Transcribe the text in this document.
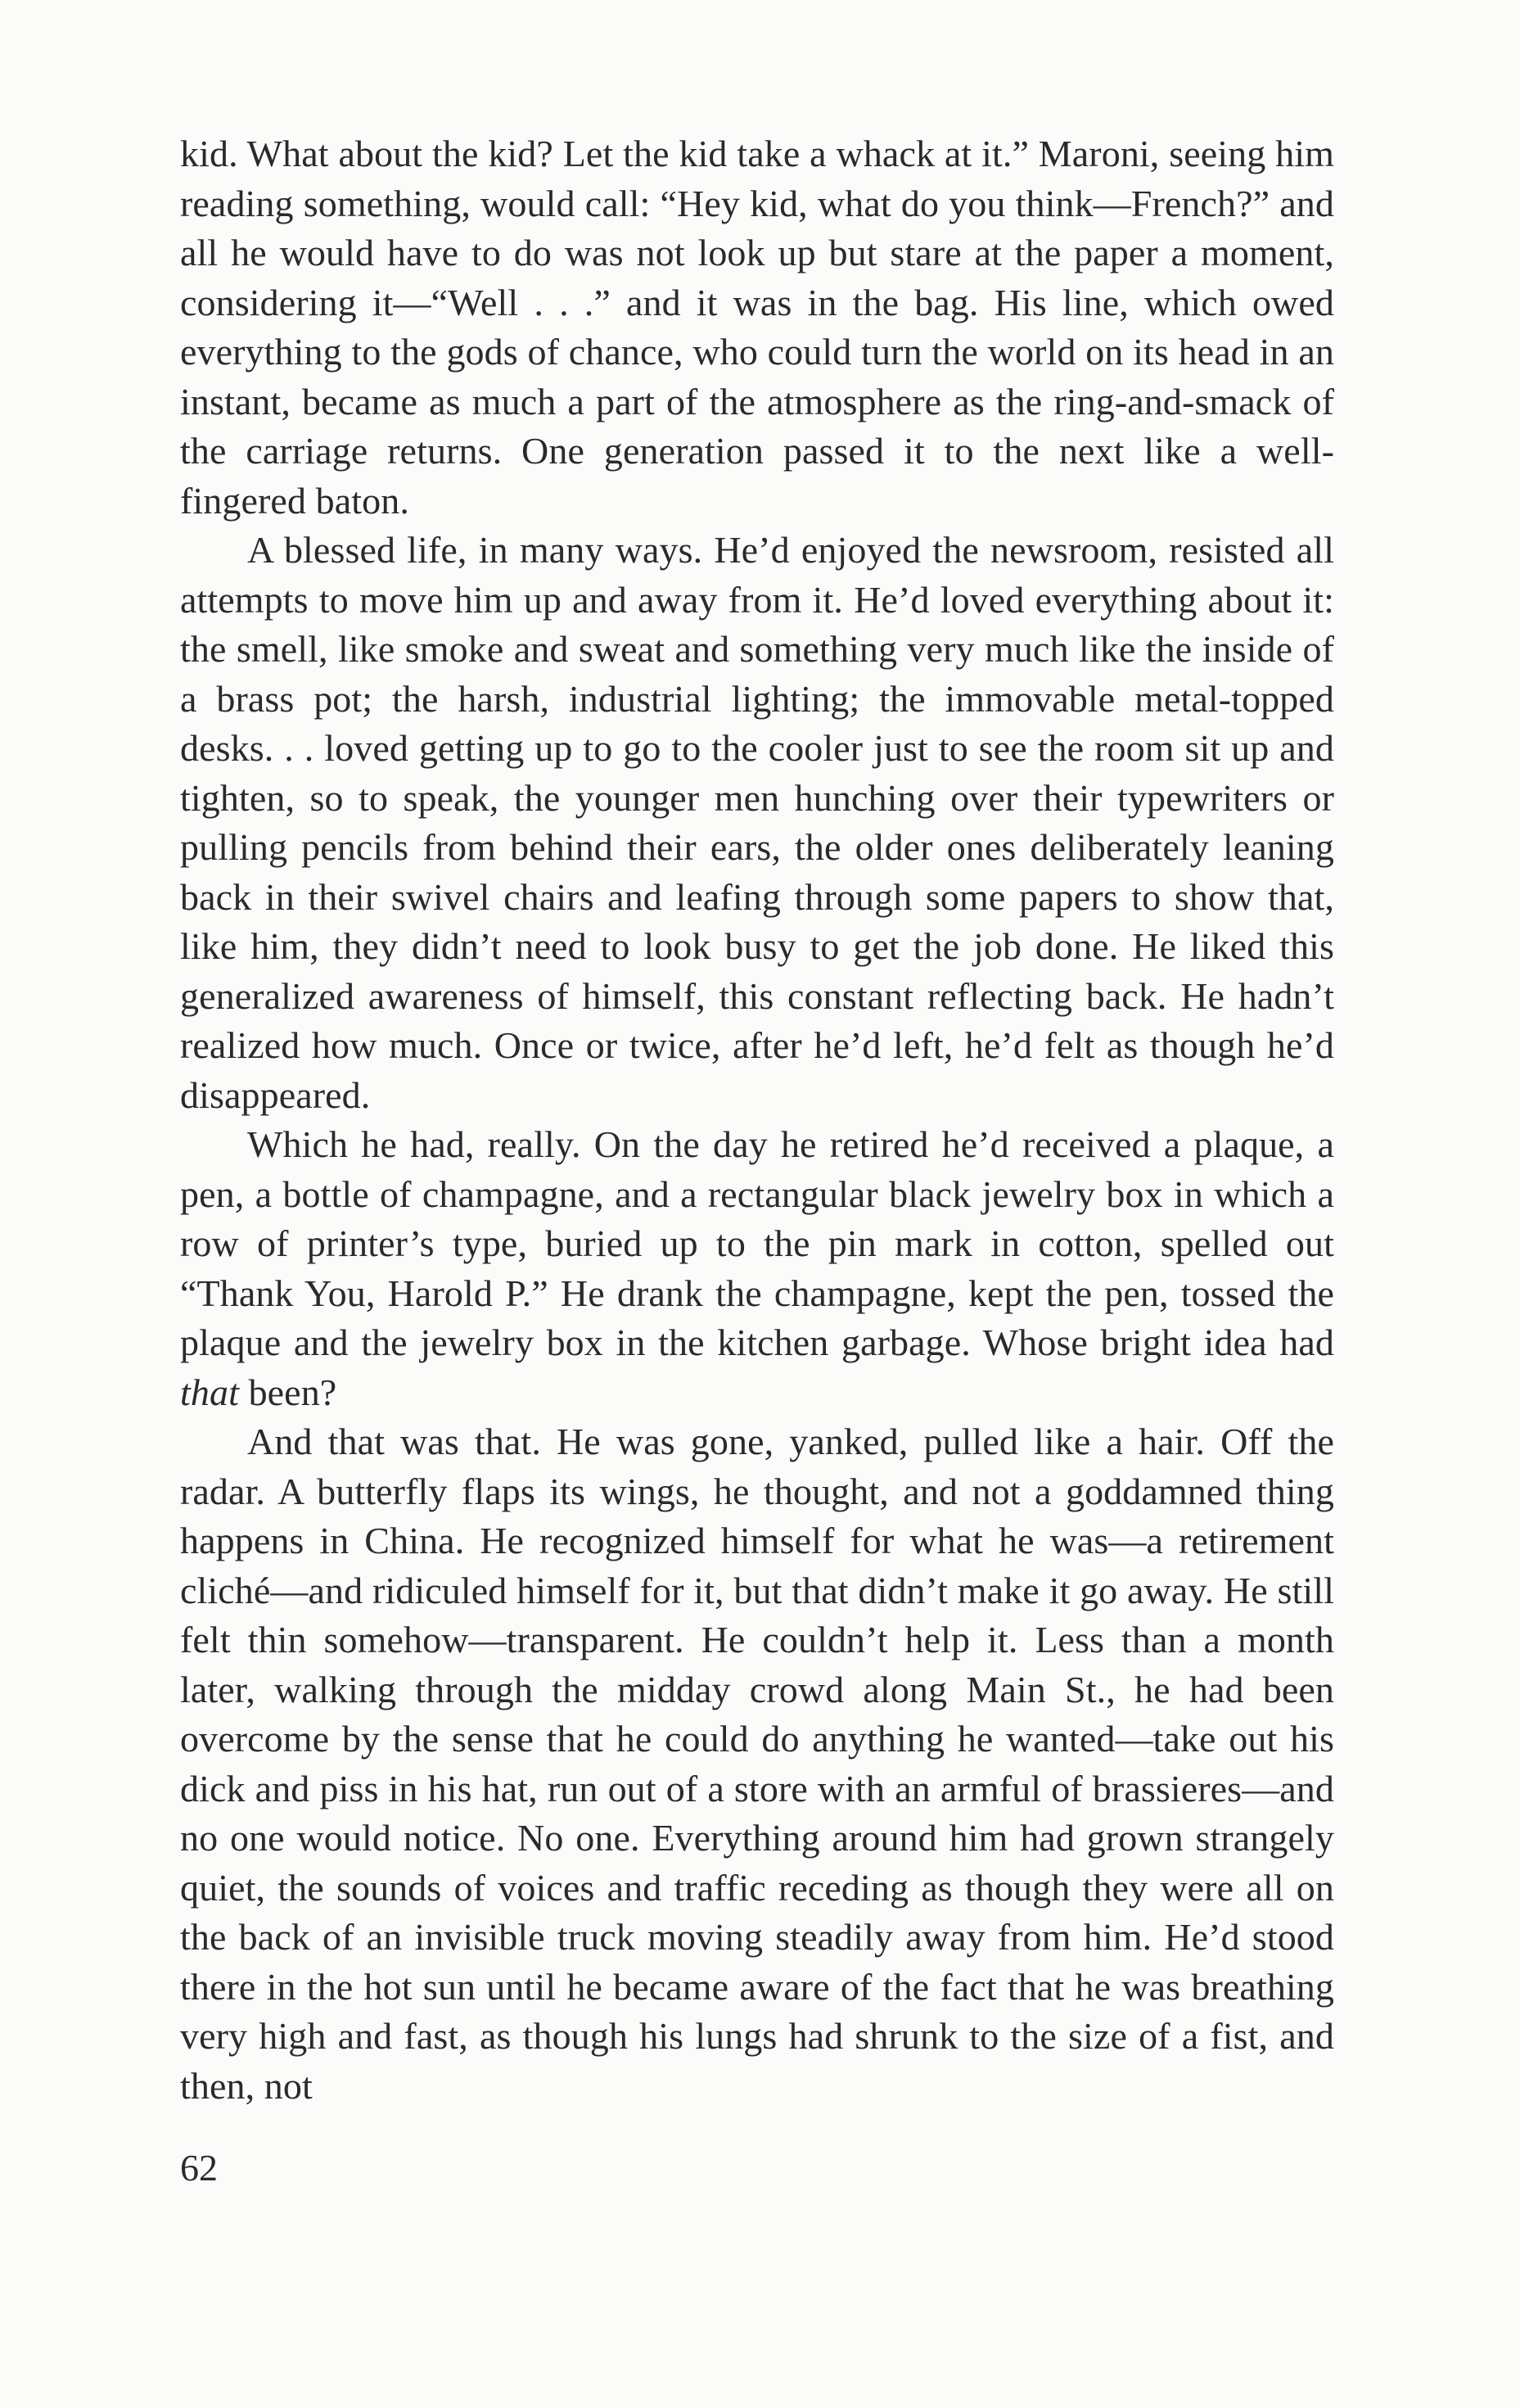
kid. What about the kid? Let the kid take a whack at it.” Maroni, seeing him reading something, would call: “Hey kid, what do you think—French?” and all he would have to do was not look up but stare at the paper a moment, considering it—“Well . . .” and it was in the bag. His line, which owed everything to the gods of chance, who could turn the world on its head in an instant, became as much a part of the atmosphere as the ring-and-smack of the carriage returns. One generation passed it to the next like a well-fingered baton.

A blessed life, in many ways. He’d enjoyed the newsroom, resisted all attempts to move him up and away from it. He’d loved everything about it: the smell, like smoke and sweat and something very much like the inside of a brass pot; the harsh, industrial lighting; the immovable metal-topped desks. . . loved getting up to go to the cooler just to see the room sit up and tighten, so to speak, the younger men hunching over their typewriters or pulling pencils from behind their ears, the older ones deliberately leaning back in their swivel chairs and leafing through some papers to show that, like him, they didn’t need to look busy to get the job done. He liked this generalized awareness of himself, this constant reflecting back. He hadn’t realized how much. Once or twice, after he’d left, he’d felt as though he’d disappeared.

Which he had, really. On the day he retired he’d received a plaque, a pen, a bottle of champagne, and a rectangular black jewelry box in which a row of printer’s type, buried up to the pin mark in cotton, spelled out “Thank You, Harold P.” He drank the champagne, kept the pen, tossed the plaque and the jewelry box in the kitchen garbage. Whose bright idea had that been?

And that was that. He was gone, yanked, pulled like a hair. Off the radar. A butterfly flaps its wings, he thought, and not a goddamned thing happens in China. He recognized himself for what he was—a retirement cliché—and ridiculed himself for it, but that didn’t make it go away. He still felt thin somehow—transparent. He couldn’t help it. Less than a month later, walking through the midday crowd along Main St., he had been overcome by the sense that he could do anything he wanted—take out his dick and piss in his hat, run out of a store with an armful of brassieres—and no one would notice. No one. Everything around him had grown strangely quiet, the sounds of voices and traffic receding as though they were all on the back of an invisible truck moving steadily away from him. He’d stood there in the hot sun until he became aware of the fact that he was breathing very high and fast, as though his lungs had shrunk to the size of a fist, and then, not

62
